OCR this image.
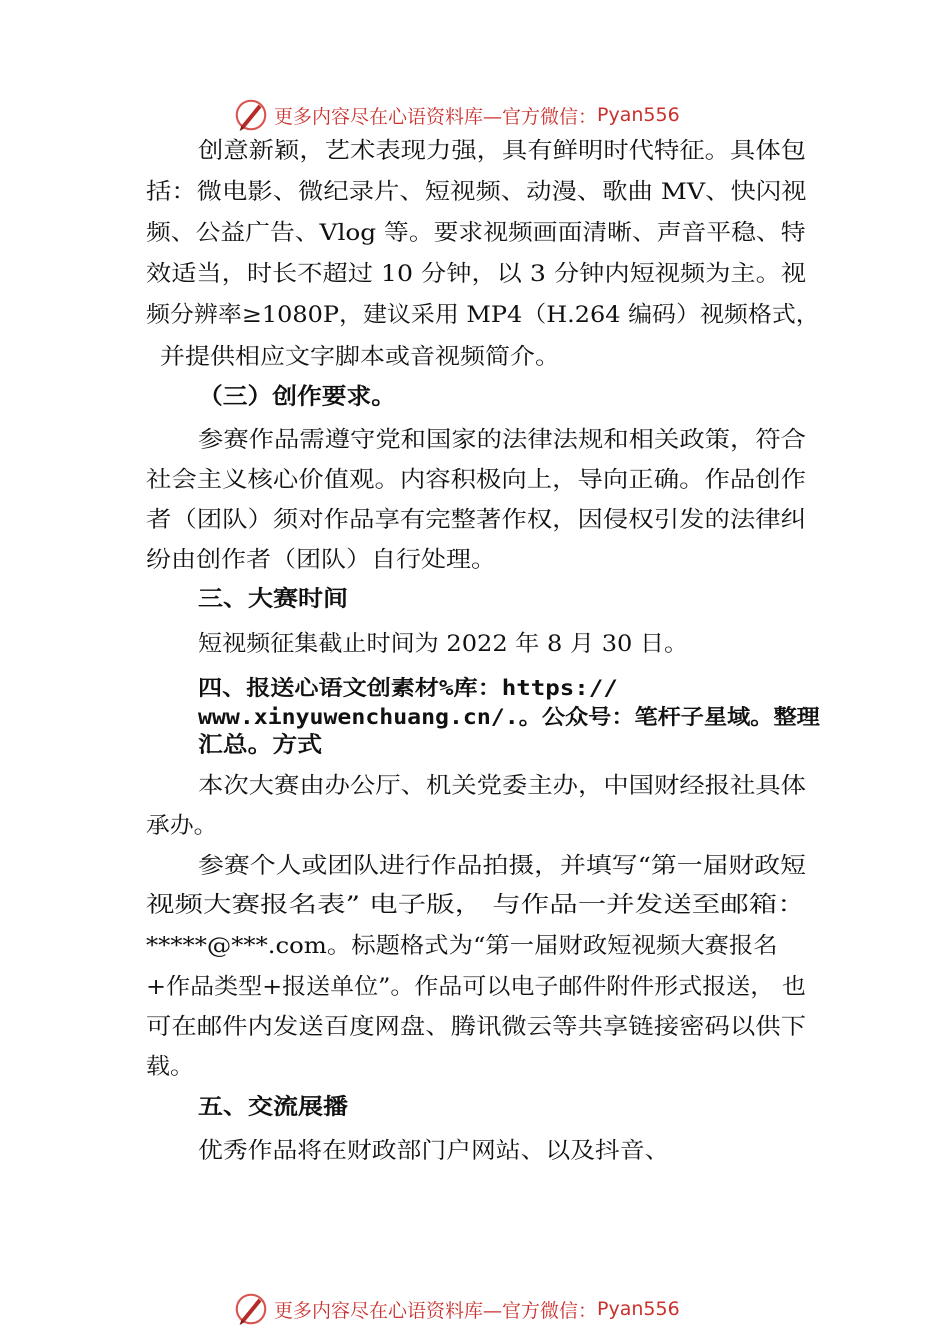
更多内容尽在心语资料库—官方微信： Pyan556

创意新颖，艺术表现力强，具有鲜明时代特征。具体包

括：微电影、微纪录片、短视频、动漫、歌曲 MV、快闪视

频、公益广告、Vlog 等。要求视频画面清晰、声音平稳、特

效适当，时长不超过 10 分钟，以 3 分钟内短视频为主。视

频分辨率≥1080P，建议采用 MP4（H.264 编码）视频格式，

并提供相应文字脚本或音视频简介。

（三）创作要求。

参赛作品需遵守党和国家的法律法规和相关政策，符合

社会主义核心价值观。内容积极向上，导向正确。作品创作

者（团队）须对作品享有完整著作权，因侵权引发的法律纠

纷由创作者（团队）自行处理。

三、大赛时间

短视频征集截止时间为 2022 年 8 月 30 日。

四、报送心语文创素材%库：https://

www.xinyuwenchuang.cn/.。公众号：笔杆子星域。整理

汇总。方式

本次大赛由办公厅、机关党委主办，中国财经报社具体

承办。

参赛个人或团队进行作品拍摄，并填写“第一届财政短

视频大赛报名表” 电子版， 与作品一并发送至邮箱：

*****@***.com。标题格式为“第一届财政短视频大赛报名

+作品类型+报送单位”。作品可以电子邮件附件形式报送， 也

可在邮件内发送百度网盘、腾讯微云等共享链接密码以供下

载。

五、交流展播

优秀作品将在财政部门户网站、以及抖音、

更多内容尽在心语资料库—官方微信： Pyan556
